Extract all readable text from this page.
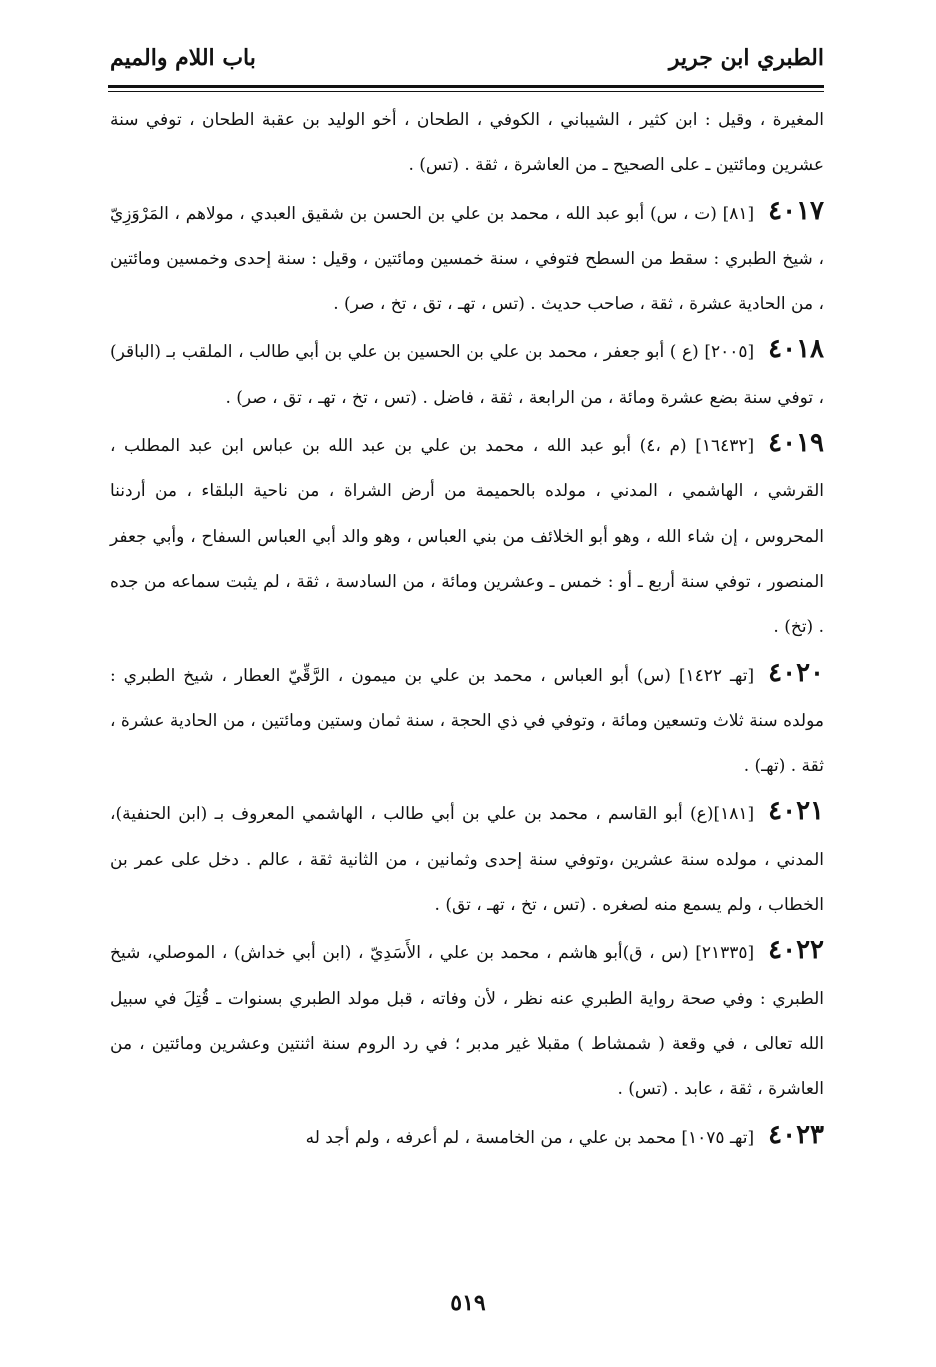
الطبري ابن جرير
باب اللام والميم

المغيرة ، وقيل : ابن كثير ، الشيباني ، الكوفي ، الطحان ، أخو الوليد بن عقبة الطحان ، توفي سنة عشرين ومائتين ـ على الصحيح ـ من العاشرة ، ثقة . (تس) .

٤٠١٧[٨١] (ت ، س) أبو عبد الله ، محمد بن علي بن الحسن بن شقيق العبدي ، مولاهم ، المَرْوَزِيّ ، شيخ الطبري : سقط من السطح فتوفي ، سنة خمسين ومائتين ، وقيل : سنة إحدى وخمسين ومائتين ، من الحادية عشرة ، ثقة ، صاحب حديث . (تس ، تهـ ، تق ، تخ ، صر) .

٤٠١٨[٢٠٠٥] (ع ) أبو جعفر ، محمد بن علي بن الحسين بن علي بن أبي طالب ، الملقب بـ (الباقر) ، توفي سنة بضع عشرة ومائة ، من الرابعة ، ثقة ، فاضل . (تس ، تخ ، تهـ ، تق ، صر) .

٤٠١٩[١٦٤٣٢] (م ،٤) أبو عبد الله ، محمد بن علي بن عبد الله بن عباس ابن عبد المطلب ، القرشي ، الهاشمي ، المدني ، مولده بالحميمة من أرض الشراة ، من ناحية البلقاء ، من أردننا المحروس ، إن شاء الله ، وهو أبو الخلائف من بني العباس ، وهو والد أبي العباس السفاح ، وأبي جعفر المنصور ، توفي سنة أربع ـ أو : خمس ـ وعشرين ومائة ، من السادسة ، ثقة ، لم يثبت سماعه من جده . (تخ) .

٤٠٢٠[تهـ ١٤٢٢] (س) أبو العباس ، محمد بن علي بن ميمون ، الرَّقِّيّ العطار ، شيخ الطبري : مولده سنة ثلاث وتسعين ومائة ، وتوفي في ذي الحجة ، سنة ثمان وستين ومائتين ، من الحادية عشرة ، ثقة . (تهـ) .

٤٠٢١[١٨١](ع) أبو القاسم ، محمد بن علي بن أبي طالب ، الهاشمي المعروف بـ (ابن الحنفية)، المدني ، مولده سنة عشرين ،وتوفي سنة إحدى وثمانين ، من الثانية ثقة ، عالم . دخل على عمر بن الخطاب ، ولم يسمع منه لصغره . (تس ، تخ ، تهـ ، تق) .

٤٠٢٢[٢١٣٣٥] (س ، ق)أبو هاشم ، محمد بن علي ، الأَسَدِيّ ، (ابن أبي خداش) ، الموصلي، شيخ الطبري : وفي صحة رواية الطبري عنه نظر ، لأن وفاته ، قبل مولد الطبري بسنوات ـ قُتِلَ في سبيل الله تعالى ، في وقعة ( شمشاط ) مقبلا غير مدبر ؛ في رد الروم سنة اثنتين وعشرين ومائتين ، من العاشرة ، ثقة ، عابد . (تس) .

٤٠٢٣[تهـ ١٠٧٥] محمد بن علي ، من الخامسة ، لم أعرفه ، ولم أجد له

٥١٩
